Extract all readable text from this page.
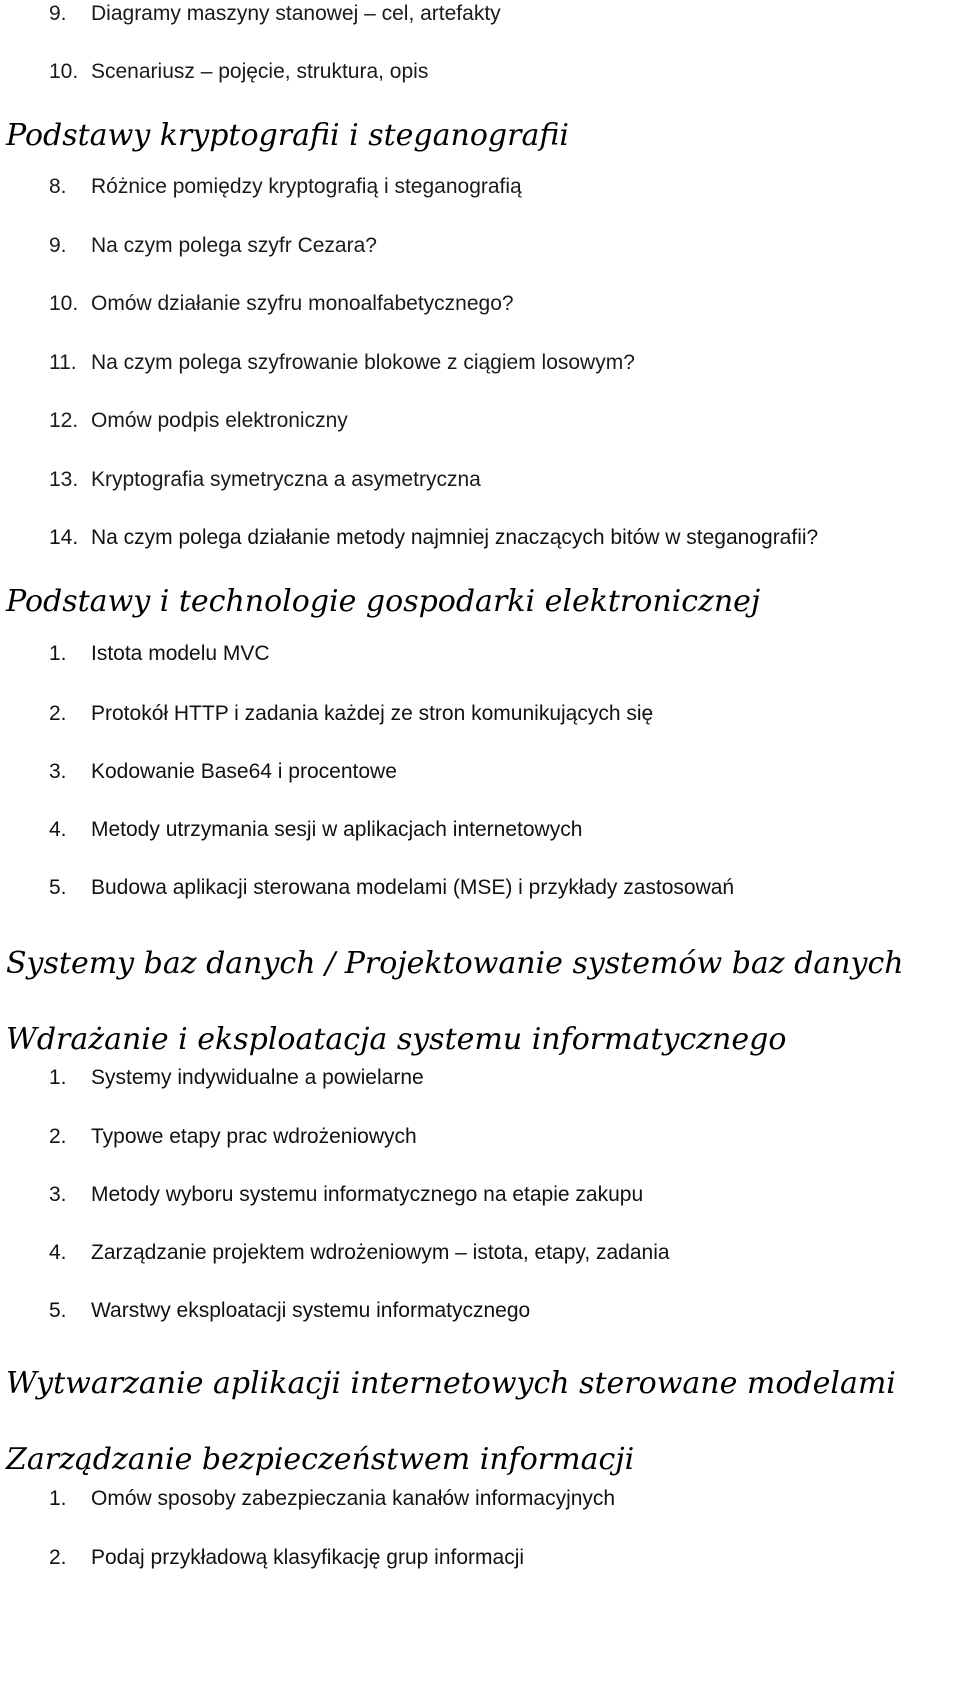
9. Diagramy maszyny stanowej – cel, artefakty
10. Scenariusz – pojęcie, struktura, opis
Podstawy kryptografii i steganografii
8. Różnice pomiędzy kryptografią i steganografią
9. Na czym polega szyfr Cezara?
10. Omów działanie szyfru monoalfabetycznego?
11. Na czym polega szyfrowanie blokowe z ciągiem losowym?
12. Omów podpis elektroniczny
13. Kryptografia symetryczna a asymetryczna
14. Na czym polega działanie metody najmniej znaczących bitów w steganografii?
Podstawy i technologie gospodarki elektronicznej
1. Istota modelu MVC
2. Protokół HTTP i zadania każdej ze stron komunikujących się
3. Kodowanie Base64 i procentowe
4. Metody utrzymania sesji w aplikacjach internetowych
5. Budowa aplikacji sterowana modelami (MSE) i przykłady zastosowań
Systemy baz danych / Projektowanie systemów baz danych
Wdrażanie i eksploatacja systemu informatycznego
1. Systemy indywidualne a powielarne
2. Typowe etapy prac wdrożeniowych
3. Metody wyboru systemu informatycznego na etapie zakupu
4. Zarządzanie projektem wdrożeniowym – istota, etapy, zadania
5. Warstwy eksploatacji systemu informatycznego
Wytwarzanie aplikacji internetowych sterowane modelami
Zarządzanie bezpieczeństwem informacji
1. Omów sposoby zabezpieczania kanałów informacyjnych
2. Podaj przykładową klasyfikację grup informacji
